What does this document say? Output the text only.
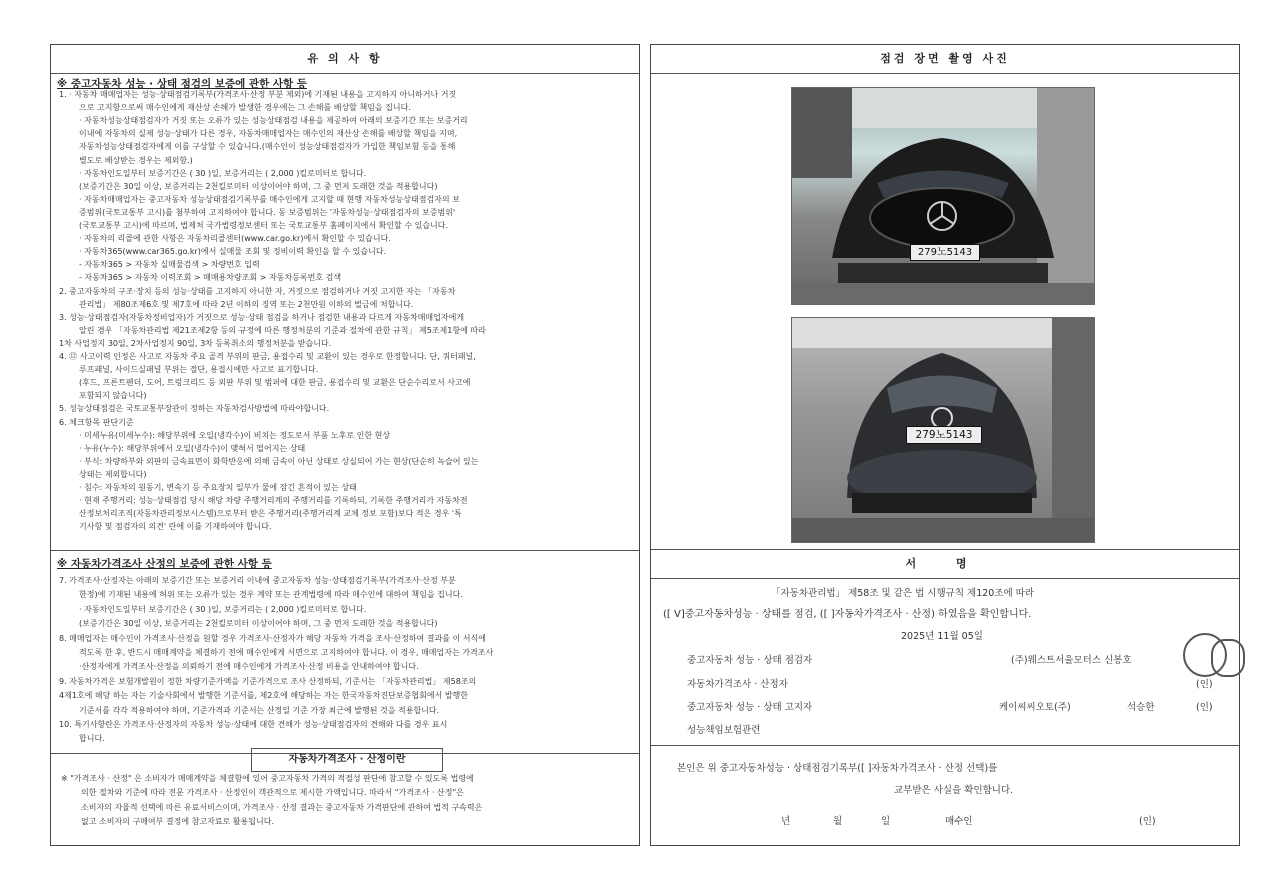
유 의 사 항
※ 중고자동차 성능 · 상태 점검의 보증에 관한 사항 등
1. · 자동차 매매업자는 성능·상태점검기록부(가격조사·산정 부분 제외)에 기재된 내용을 고지하지 아니하거나 거짓
으로 고지함으로써 매수인에게 재산상 손해가 발생한 경우에는 그 손해를 배상할 책임을 집니다.
· 자동차성능상태점검자가 거짓 또는 오류가 있는 성능상태점검 내용을 제공하여 아래의 보증기간 또는 보증거리
이내에 자동차의 실제 성능·상태가 다른 경우, 자동차매매업자는 매수인의 재산상 손해를 배상할 책임을 지며,
자동차성능상태점검자에게 이를 구상할 수 있습니다.(매수인이 성능상태점검자가 가입한 책임보험 등을 통해
별도로 배상받는 경우는 제외함.)
· 자동차인도일부터 보증기간은 ( 30 )일, 보증거리는 ( 2,000 )킬로미터로 합니다.
(보증기간은 30일 이상, 보증거리는 2천킬로미터 이상이어야 하며, 그 중 먼저 도래한 것을 적용합니다)
· 자동차매매업자는 중고자동차 성능상태점검기록부를 매수인에게 고지할 때 현행 자동차성능상태점검자의 보
증범위(국토교통부 고시)를 첨부하여 고지하여야 합니다. 동 보증범위는 '자동차성능·상태점검자의 보증범위'
(국토교통부 고시)에 따르며, 법제처 국가법령정보센터 또는 국토교통부 홈페이지에서 확인할 수 있습니다.
· 자동차의 리콜에 관한 사항은 자동차리콜센터(www.car.go.kr)에서 확인할 수 있습니다.
· 자동차365(www.car365.go.kr)에서 실매물 조회 및 정비이력 확인을 할 수 있습니다.
- 자동차365 > 자동차 실매물검색 > 차량번호 입력
- 자동차365 > 자동차 이력조회 > 매매용차량조회 > 자동차등록번호 검색
2. 중고자동차의 구조·장치 등의 성능·상태를 고지하지 아니한 자, 거짓으로 점검하거나 거짓 고지한 자는 「자동차
관리법」 제80조제6호 및 제7호에 따라 2년 이하의 징역 또는 2천만원 이하의 벌금에 처합니다.
3. 성능·상태점검자(자동차정비업자)가 거짓으로 성능·상태 점검을 하거나 점검한 내용과 다르게 자동차매매업자에게
알린 경우 「자동차관리법 제21조제2항 등의 규정에 따른 행정처분의 기준과 절차에 관한 규칙」 제5조제1항에 따라
1차 사업정지 30일, 2차사업정지 90일, 3차 등록취소의 행정처분을 받습니다.
4. ⑫ 사고이력 인정은 사고로 자동차 주요 골격 부위의 판금, 용접수리 및 교환이 있는 경우로 한정합니다. 단, 쿼터패널,
루프패널, 사이드실패널 부위는 절단, 용접시에만 사고로 표기합니다.
(후드, 프론트펜더, 도어, 트렁크리드 등 외판 부위 및 범퍼에 대한 판금, 용접수리 및 교환은 단순수리로서 사고에
포함되지 않습니다)
5. 성능상태점검은 국토교통부장관이 정하는 자동차검사방법에 따라야합니다.
6. 체크항목 판단기준
· 미세누유(미세누수): 해당부위에 오일(냉각수)이 비치는 정도로서 부품 노후로 인한 현상
· 누유(누수): 해당부위에서 오일(냉각수)이 맺혀서 떨어지는 상태
· 부식: 차량하부와 외판의 금속표면이 화학반응에 의해 금속이 아닌 상태로 상실되어 가는 현상(단순히 녹슬어 있는
상태는 제외합니다)
· 침수: 자동차의 원동기, 변속기 등 주요장치 일부가 물에 잠긴 흔적이 있는 상태
· 현재 주행거리: 성능·상태점검 당시 해당 차량 주행거리계의 주행거리를 기록하되, 기록한 주행거리가 자동차전
산정보처리조직(자동차관리정보시스템)으로부터 받은 주행거리(주행거리계 교체 정보 포함)보다 적은 경우 '특
기사항 및 점검자의 의견' 란에 이를 기재하여야 합니다.
※ 자동차가격조사 산정의 보증에 관한 사항 등
7. 가격조사·산정자는 아래의 보증기간 또는 보증거리 이내에 중고자동차 성능·상태점검기록부(가격조사·산정 부분
한정)에 기재된 내용에 허위 또는 오류가 있는 경우 계약 또는 관계법령에 따라 매수인에 대하여 책임을 집니다.
· 자동차인도일부터 보증기간은 ( 30 )일, 보증거리는 ( 2,000 )킬로미터로 합니다.
(보증기간은 30일 이상, 보증거리는 2천킬로미터 이상이어야 하며, 그 중 먼저 도래한 것을 적용합니다)
8. 매매업자는 매수인이 가격조사·산정을 원할 경우 가격조사·산정자가 해당 자동차 가격을 조사·산정하여 결과를 이 서식에
적도록 한 후, 반드시 매매계약을 체결하기 전에 매수인에게 서면으로 고지하여야 합니다. 이 경우, 매매업자는 가격조사
·산정자에게 가격조사·산정을 의뢰하기 전에 매수인에게 가격조사·산정 비용을 안내하여야 합니다.
9. 자동차가격은 보험개발원이 정한 차량기준가액을 기준가격으로 조사 산정하되, 기준서는 「자동차관리법」 제58조의
4제1호에 해당 하는 자는 기술사회에서 발행한 기준서를, 제2호에 해당하는 자는 한국자동차진단보증협회에서 발행한
기준서를 각각 적용하여야 하며, 기준가격과 기준서는 산정일 기준 가장 최근에 발행된 것을 적용합니다.
10. 특기사항란은 가격조사·산정자의 자동차 성능·상태에 대한 견해가 성능·상태점검자의 견해와 다를 경우 표시
합니다.
자동차가격조사 · 산정이란
※ "가격조사 · 산정" 은 소비자가 매매계약을 체결함에 있어 중고자동차 가격의 적절성 판단에 참고할 수 있도록 법령에
의한 절차와 기준에 따라 전문 가격조사 · 산정인이 객관적으로 제시한 가액입니다. 따라서 "가격조사 · 산정"은
소비자의 자율적 선택에 따른 유료서비스이며, 가격조사 · 산정 결과는 중고자동차 가격판단에 관하여 법적 구속력은
없고 소비자의 구매여부 결정에 참고자료로 활용됩니다.
점검 장면 촬영 사진
279노5143
279노5143
서 명
「자동차관리법」 제58조 및 같은 법 시행규칙 제120조에 따라
([ V]중고자동차성능 · 상태를 점검, ([ ]자동차가격조사 · 산정) 하였음을 확인합니다.
2025년 11월 05일
중고자동차 성능 · 상태 점검자	(주)웨스트서울모터스 신봉호
자동차가격조사 · 산정자	(인)
중고자동차 성능 · 상태 고지자	케이씨씨오토(주)	석승한	(인)
성능책임보험관련
본인은 위 중고자동차성능 · 상태점검기록부([ ]자동차가격조사 · 산정 선택)를
교부받은 사실을 확인합니다.
년	월	일	매수인	(인)
